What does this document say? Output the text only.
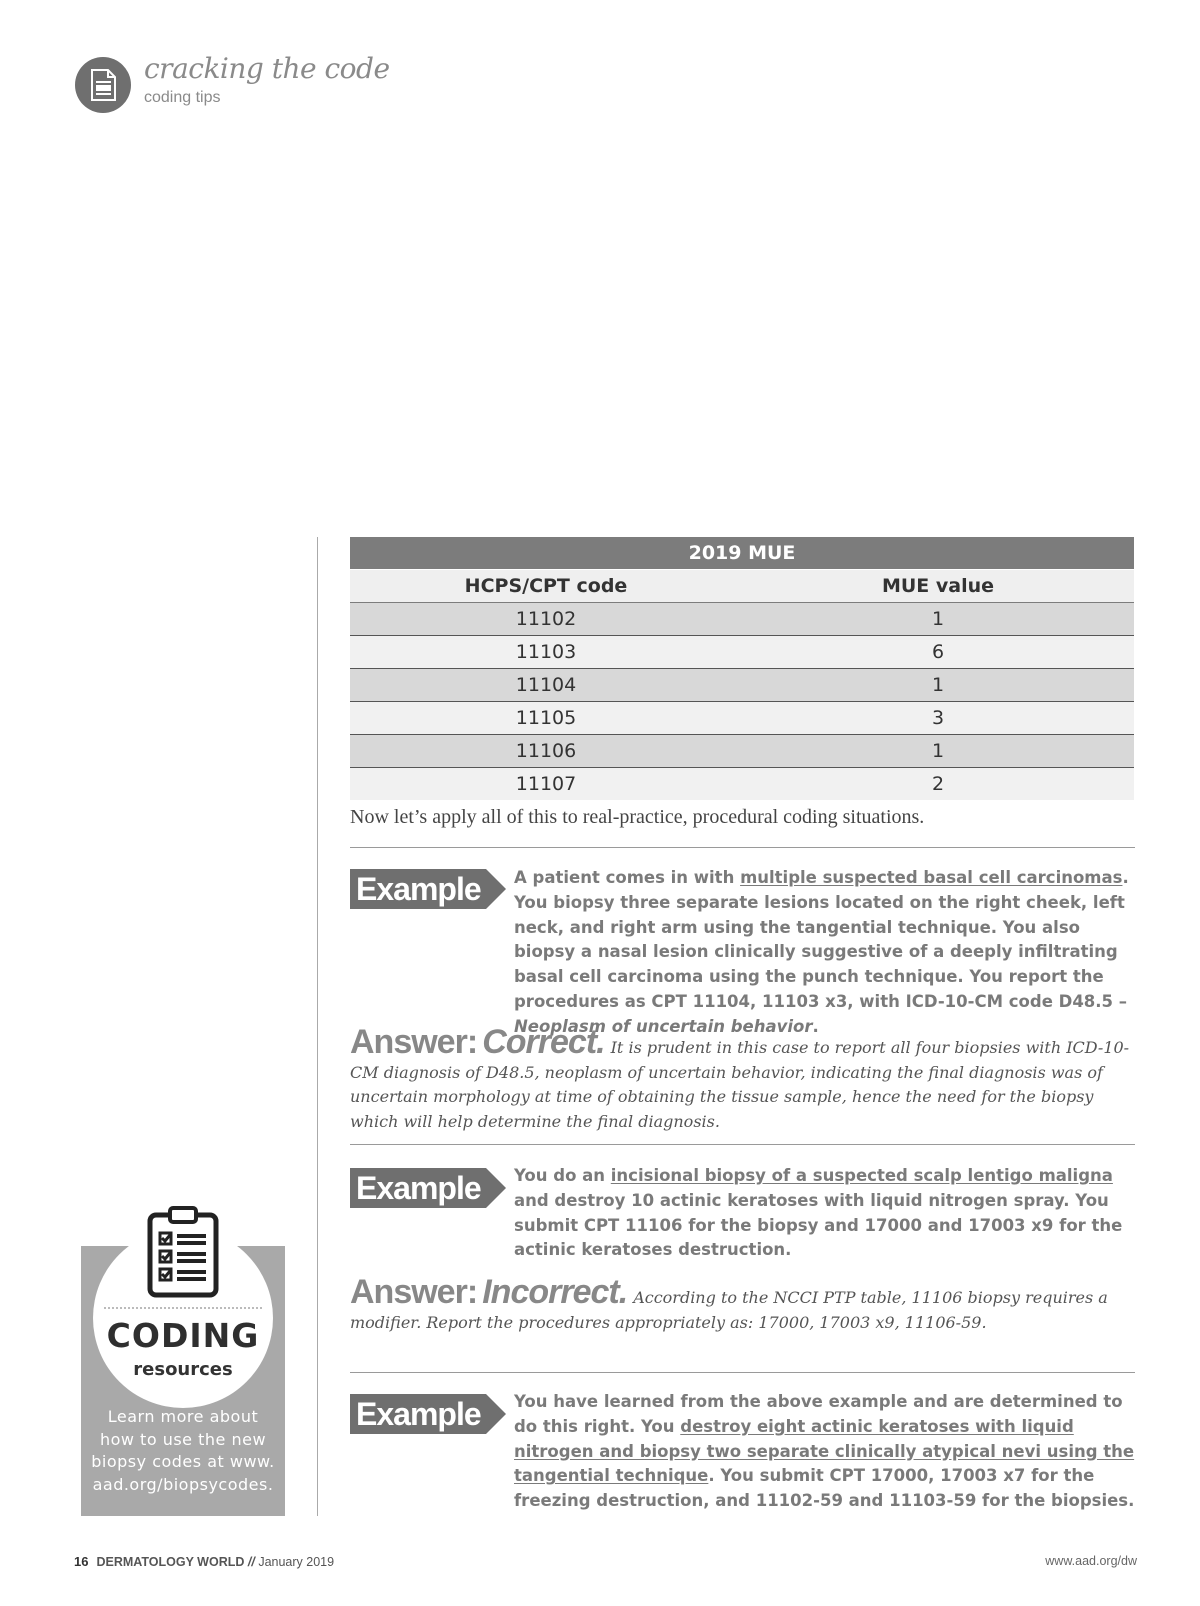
cracking the code
coding tips
2019 MUE	
HCPS/CPT code	MUE value
11102	1
11103	6
11104	1
11105	3
11106	1
11107	2
Now let’s apply all of this to real-practice, procedural coding situations.
Example 1 A patient comes in with multiple suspected basal cell carcinomas. You biopsy three separate lesions located on the right cheek, left neck, and right arm using the tangential technique. You also biopsy a nasal lesion clinically suggestive of a deeply infiltrating basal cell carcinoma using the punch technique. You report the procedures as CPT 11104, 11103 x3, with ICD-10-CM code D48.5 – Neoplasm of uncertain behavior.
Answer: Correct. It is prudent in this case to report all four biopsies with ICD-10-CM diagnosis of D48.5, neoplasm of uncertain behavior, indicating the final diagnosis was of uncertain morphology at time of obtaining the tissue sample, hence the need for the biopsy which will help determine the final diagnosis.
Example 2 You do an incisional biopsy of a suspected scalp lentigo maligna and destroy 10 actinic keratoses with liquid nitrogen spray. You submit CPT 11106 for the biopsy and 17000 and 17003 x9 for the actinic keratoses destruction.
Answer: Incorrect. According to the NCCI PTP table, 11106 biopsy requires a modifier. Report the procedures appropriately as: 17000, 17003 x9, 11106-59.
Example 3 You have learned from the above example and are determined to do this right. You destroy eight actinic keratoses with liquid nitrogen and biopsy two separate clinically atypical nevi using the tangential technique. You submit CPT 17000, 17003 x7 for the freezing destruction, and 11102-59 and 11103-59 for the biopsies.
CODING
resources
Learn more about how to use the new biopsy codes at www. aad.org/biopsycodes.
16 DERMATOLOGY WORLD // January 2019	www.aad.org/dw
